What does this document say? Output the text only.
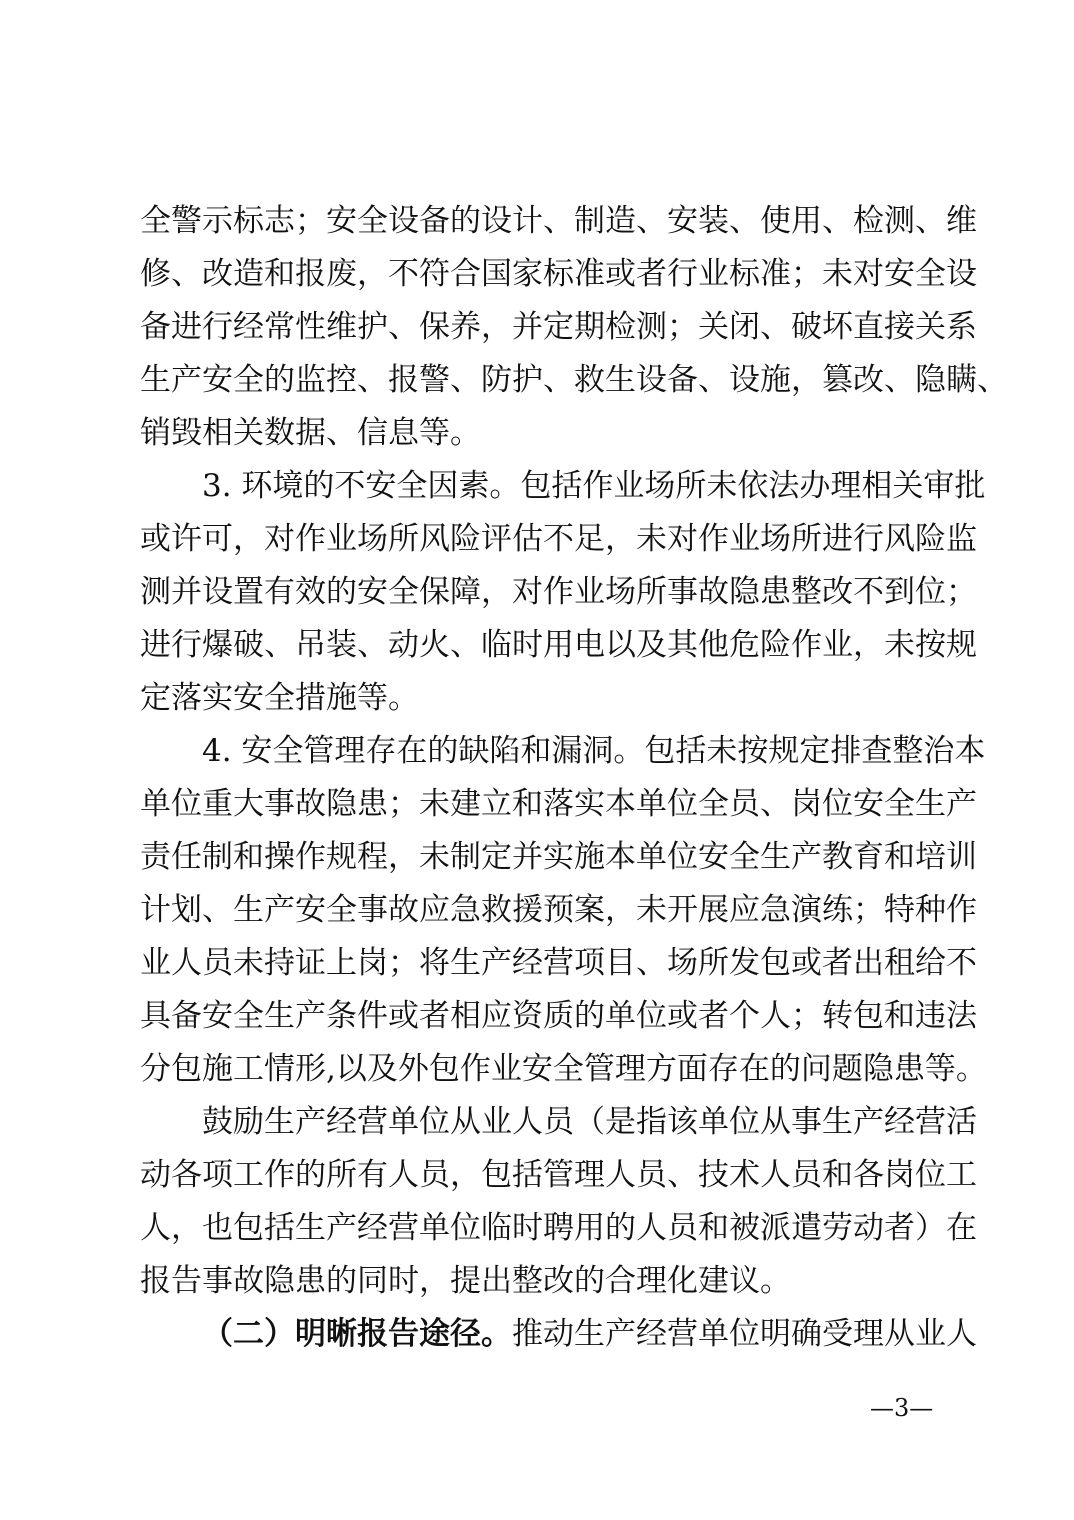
全警示标志；安全设备的设计、制造、安装、使用、检测、维
修、改造和报废，不符合国家标准或者行业标准；未对安全设
备进行经常性维护、保养，并定期检测；关闭、破坏直接关系
生产安全的监控、报警、防护、救生设备、设施，篡改、隐瞒、
销毁相关数据、信息等。
3. 环境的不安全因素。包括作业场所未依法办理相关审批
或许可，对作业场所风险评估不足，未对作业场所进行风险监
测并设置有效的安全保障，对作业场所事故隐患整改不到位；
进行爆破、吊装、动火、临时用电以及其他危险作业，未按规
定落实安全措施等。
4. 安全管理存在的缺陷和漏洞。包括未按规定排查整治本
单位重大事故隐患；未建立和落实本单位全员、岗位安全生产
责任制和操作规程，未制定并实施本单位安全生产教育和培训
计划、生产安全事故应急救援预案，未开展应急演练；特种作
业人员未持证上岗；将生产经营项目、场所发包或者出租给不
具备安全生产条件或者相应资质的单位或者个人；转包和违法
分包施工情形,以及外包作业安全管理方面存在的问题隐患等。
鼓励生产经营单位从业人员（是指该单位从事生产经营活
动各项工作的所有人员，包括管理人员、技术人员和各岗位工
人，也包括生产经营单位临时聘用的人员和被派遣劳动者）在
报告事故隐患的同时，提出整改的合理化建议。
（二）明晰报告途径。推动生产经营单位明确受理从业人
—3—
